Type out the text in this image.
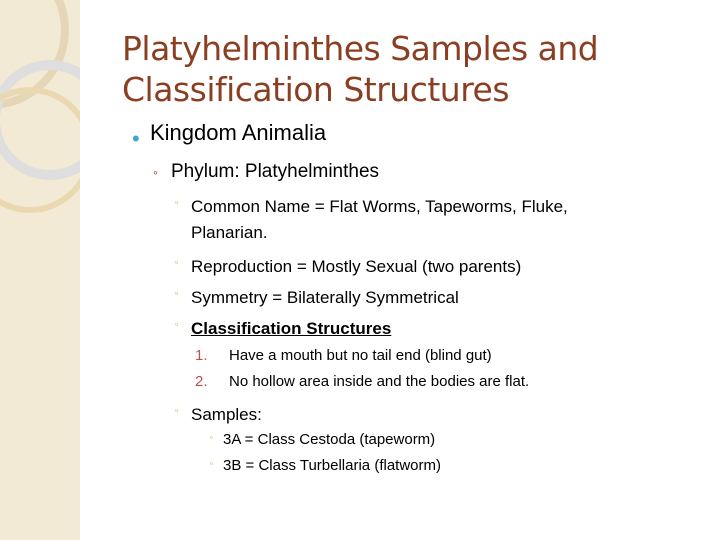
Platyhelminthes Samples and Classification Structures
• Kingdom Animalia
◦ Phylum: Platyhelminthes
▫ Common Name = Flat Worms, Tapeworms, Fluke,
Planarian.
▫ Reproduction = Mostly Sexual (two parents)
▫ Symmetry = Bilaterally Symmetrical
▫ Classification Structures
1. Have a mouth but no tail end (blind gut)
2. No hollow area inside and the bodies are flat.
▫ Samples:
▫ 3A = Class Cestoda (tapeworm)
▫ 3B = Class Turbellaria (flatworm)
